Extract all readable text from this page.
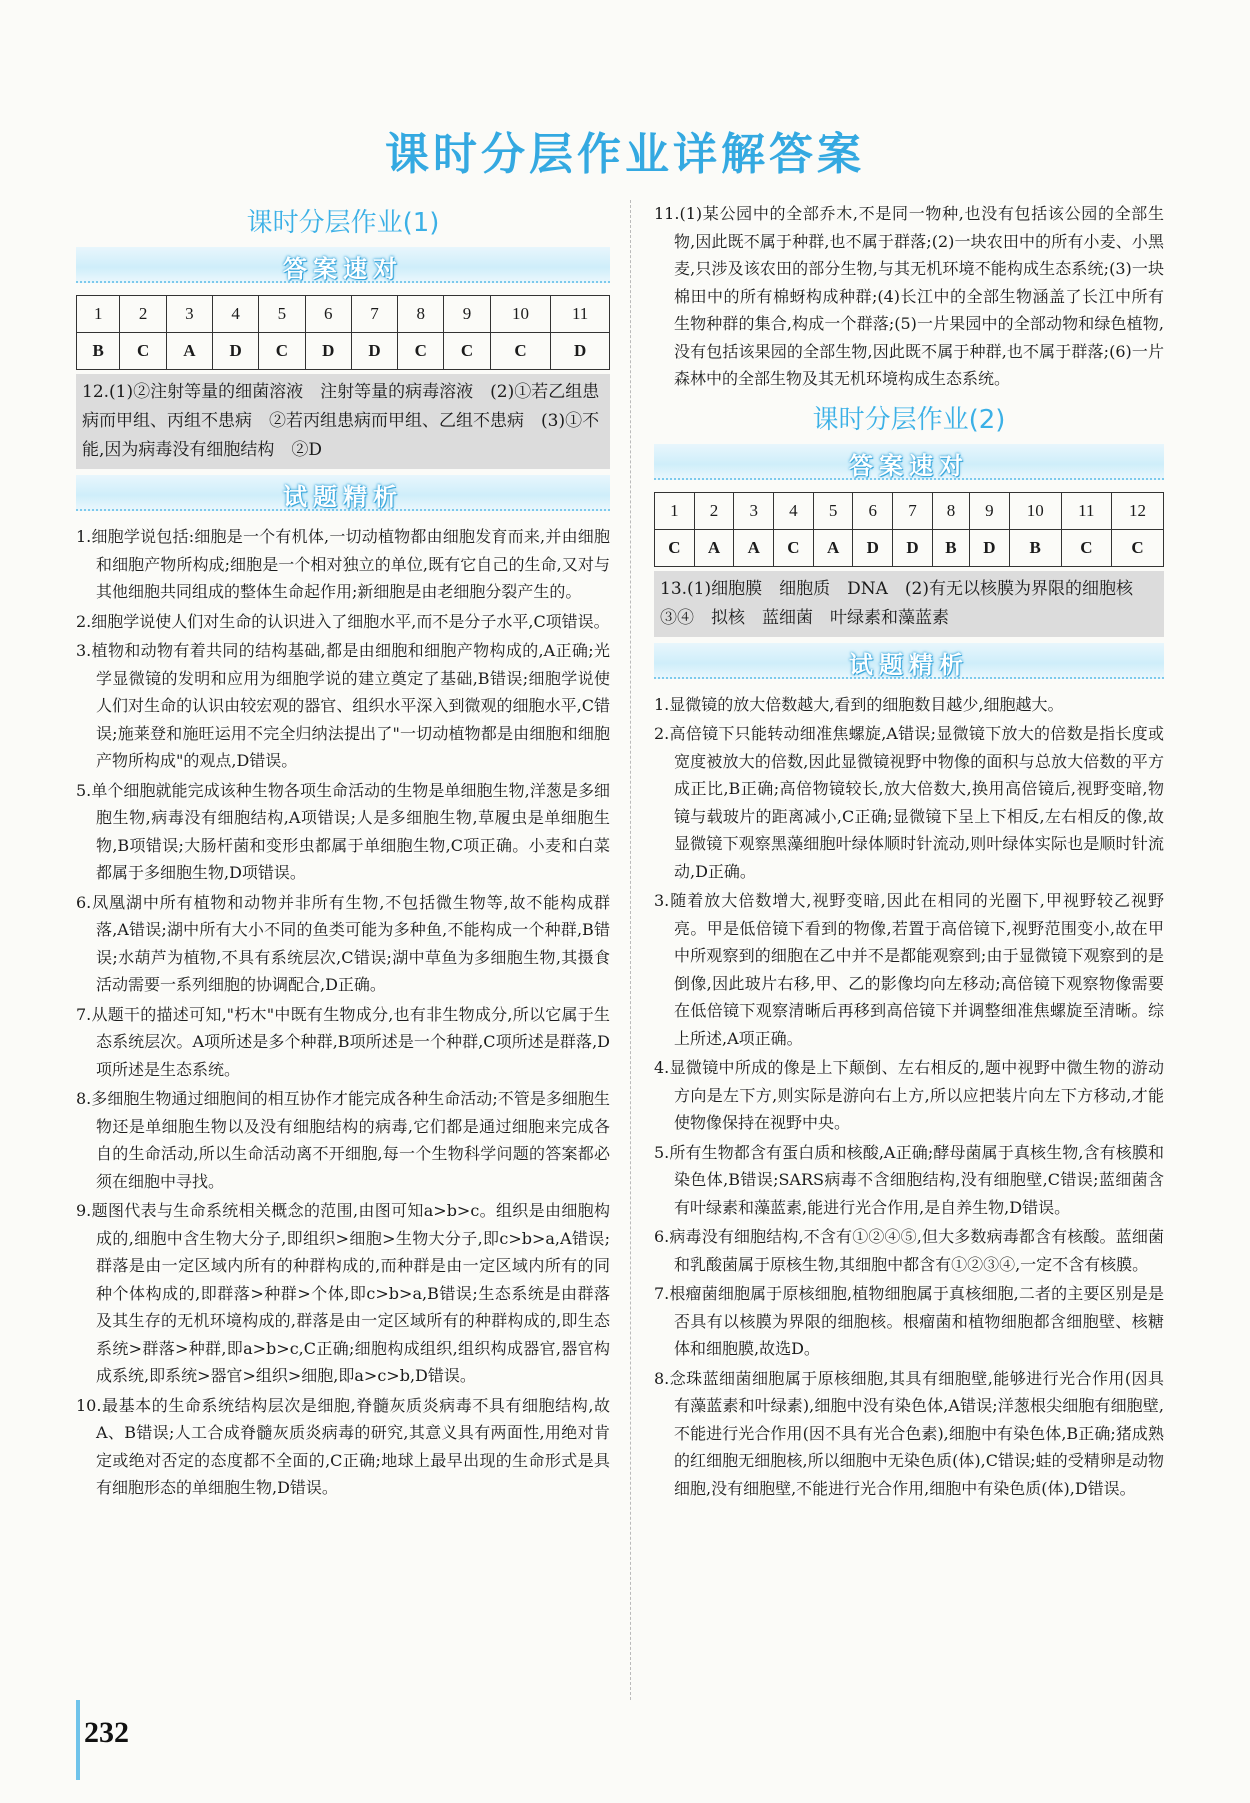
课时分层作业详解答案
课时分层作业(1)
答案速对
1	2	3	4	5	6	7	8	9	10	11
B	C	A	D	C	D	D	C	C	C	D
12.(1)②注射等量的细菌溶液　注射等量的病毒溶液　(2)①若乙组患病而甲组、丙组不患病　②若丙组患病而甲组、乙组不患病　(3)①不能,因为病毒没有细胞结构　②D
试题精析

1.细胞学说包括:细胞是一个有机体,一切动植物都由细胞发育而来,并由细胞和细胞产物所构成;细胞是一个相对独立的单位,既有它自己的生命,又对与其他细胞共同组成的整体生命起作用;新细胞是由老细胞分裂产生的。

2.细胞学说使人们对生命的认识进入了细胞水平,而不是分子水平,C项错误。

3.植物和动物有着共同的结构基础,都是由细胞和细胞产物构成的,A正确;光学显微镜的发明和应用为细胞学说的建立奠定了基础,B错误;细胞学说使人们对生命的认识由较宏观的器官、组织水平深入到微观的细胞水平,C错误;施莱登和施旺运用不完全归纳法提出了"一切动植物都是由细胞和细胞产物所构成"的观点,D错误。

5.单个细胞就能完成该种生物各项生命活动的生物是单细胞生物,洋葱是多细胞生物,病毒没有细胞结构,A项错误;人是多细胞生物,草履虫是单细胞生物,B项错误;大肠杆菌和变形虫都属于单细胞生物,C项正确。小麦和白菜都属于多细胞生物,D项错误。

6.凤凰湖中所有植物和动物并非所有生物,不包括微生物等,故不能构成群落,A错误;湖中所有大小不同的鱼类可能为多种鱼,不能构成一个种群,B错误;水葫芦为植物,不具有系统层次,C错误;湖中草鱼为多细胞生物,其摄食活动需要一系列细胞的协调配合,D正确。

7.从题干的描述可知,"朽木"中既有生物成分,也有非生物成分,所以它属于生态系统层次。A项所述是多个种群,B项所述是一个种群,C项所述是群落,D项所述是生态系统。

8.多细胞生物通过细胞间的相互协作才能完成各种生命活动;不管是多细胞生物还是单细胞生物以及没有细胞结构的病毒,它们都是通过细胞来完成各自的生命活动,所以生命活动离不开细胞,每一个生物科学问题的答案都必须在细胞中寻找。

9.题图代表与生命系统相关概念的范围,由图可知a>b>c。组织是由细胞构成的,细胞中含生物大分子,即组织>细胞>生物大分子,即c>b>a,A错误;群落是由一定区域内所有的种群构成的,而种群是由一定区域内所有的同种个体构成的,即群落>种群>个体,即c>b>a,B错误;生态系统是由群落及其生存的无机环境构成的,群落是由一定区域所有的种群构成的,即生态系统>群落>种群,即a>b>c,C正确;细胞构成组织,组织构成器官,器官构成系统,即系统>器官>组织>细胞,即a>c>b,D错误。

10.最基本的生命系统结构层次是细胞,脊髓灰质炎病毒不具有细胞结构,故A、B错误;人工合成脊髓灰质炎病毒的研究,其意义具有两面性,用绝对肯定或绝对否定的态度都不全面的,C正确;地球上最早出现的生命形式是具有细胞形态的单细胞生物,D错误。

11.(1)某公园中的全部乔木,不是同一物种,也没有包括该公园的全部生物,因此既不属于种群,也不属于群落;(2)一块农田中的所有小麦、小黑麦,只涉及该农田的部分生物,与其无机环境不能构成生态系统;(3)一块棉田中的所有棉蚜构成种群;(4)长江中的全部生物涵盖了长江中所有生物种群的集合,构成一个群落;(5)一片果园中的全部动物和绿色植物,没有包括该果园的全部生物,因此既不属于种群,也不属于群落;(6)一片森林中的全部生物及其无机环境构成生态系统。

课时分层作业(2)
答案速对
1	2	3	4	5	6	7	8	9	10	11	12
C	A	A	C	A	D	D	B	D	B	C	C
13.(1)细胞膜　细胞质　DNA　(2)有无以核膜为界限的细胞核　③④　拟核　蓝细菌　叶绿素和藻蓝素
试题精析

1.显微镜的放大倍数越大,看到的细胞数目越少,细胞越大。

2.高倍镜下只能转动细准焦螺旋,A错误;显微镜下放大的倍数是指长度或宽度被放大的倍数,因此显微镜视野中物像的面积与总放大倍数的平方成正比,B正确;高倍物镜较长,放大倍数大,换用高倍镜后,视野变暗,物镜与载玻片的距离减小,C正确;显微镜下呈上下相反,左右相反的像,故显微镜下观察黑藻细胞叶绿体顺时针流动,则叶绿体实际也是顺时针流动,D正确。

3.随着放大倍数增大,视野变暗,因此在相同的光圈下,甲视野较乙视野亮。甲是低倍镜下看到的物像,若置于高倍镜下,视野范围变小,故在甲中所观察到的细胞在乙中并不是都能观察到;由于显微镜下观察到的是倒像,因此玻片右移,甲、乙的影像均向左移动;高倍镜下观察物像需要在低倍镜下观察清晰后再移到高倍镜下并调整细准焦螺旋至清晰。综上所述,A项正确。

4.显微镜中所成的像是上下颠倒、左右相反的,题中视野中微生物的游动方向是左下方,则实际是游向右上方,所以应把装片向左下方移动,才能使物像保持在视野中央。

5.所有生物都含有蛋白质和核酸,A正确;酵母菌属于真核生物,含有核膜和染色体,B错误;SARS病毒不含细胞结构,没有细胞壁,C错误;蓝细菌含有叶绿素和藻蓝素,能进行光合作用,是自养生物,D错误。

6.病毒没有细胞结构,不含有①②④⑤,但大多数病毒都含有核酸。蓝细菌和乳酸菌属于原核生物,其细胞中都含有①②③④,一定不含有核膜。

7.根瘤菌细胞属于原核细胞,植物细胞属于真核细胞,二者的主要区别是是否具有以核膜为界限的细胞核。根瘤菌和植物细胞都含细胞壁、核糖体和细胞膜,故选D。

8.念珠蓝细菌细胞属于原核细胞,其具有细胞壁,能够进行光合作用(因具有藻蓝素和叶绿素),细胞中没有染色体,A错误;洋葱根尖细胞有细胞壁,不能进行光合作用(因不具有光合色素),细胞中有染色体,B正确;猪成熟的红细胞无细胞核,所以细胞中无染色质(体),C错误;蛙的受精卵是动物细胞,没有细胞壁,不能进行光合作用,细胞中有染色质(体),D错误。

232
